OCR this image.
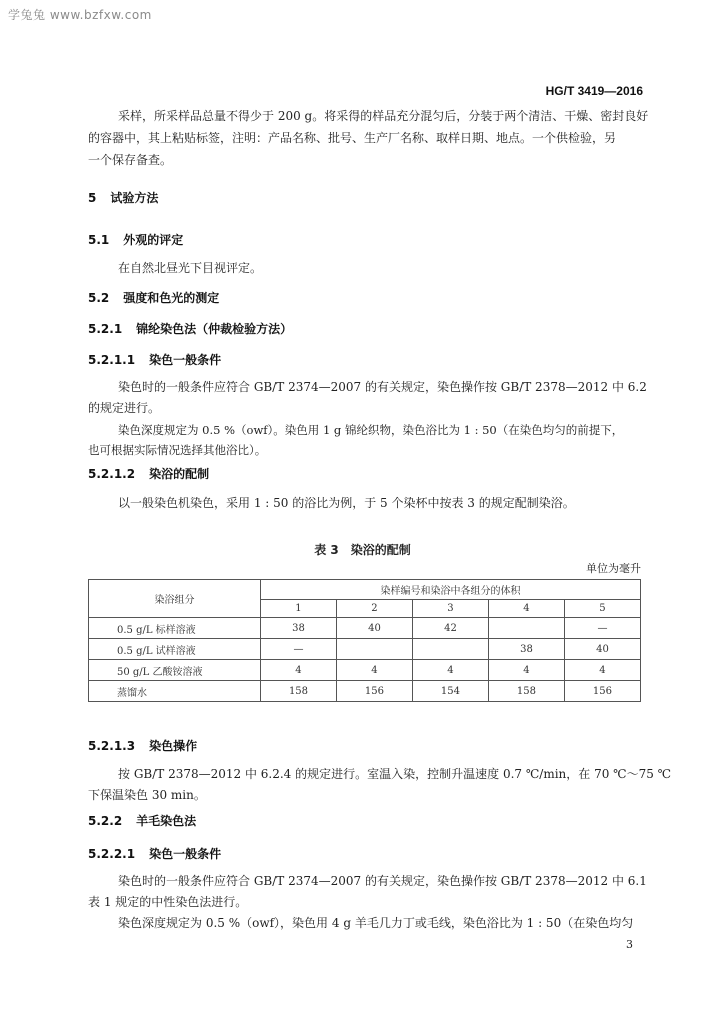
学兔兔 www.bzfxw.com
HG/T 3419—2016
采样，所采样品总量不得少于 200 g。将采得的样品充分混匀后，分装于两个清洁、干燥、密封良好
的容器中，其上粘贴标签，注明：产品名称、批号、生产厂名称、取样日期、地点。一个供检验，另
一个保存备查。
5 试验方法
5.1 外观的评定
在自然北昼光下目视评定。
5.2 强度和色光的测定
5.2.1 锦纶染色法（仲裁检验方法）
5.2.1.1 染色一般条件
染色时的一般条件应符合 GB/T 2374—2007 的有关规定，染色操作按 GB/T 2378—2012 中 6.2
的规定进行。
染色深度规定为 0.5 %（owf）。染色用 1 g 锦纶织物，染色浴比为 1 : 50（在染色均匀的前提下，
也可根据实际情况选择其他浴比）。
5.2.1.2 染浴的配制
以一般染色机染色，采用 1 : 50 的浴比为例，于 5 个染杯中按表 3 的规定配制染浴。
表 3　染浴的配制
单位为毫升
染浴组分	染样编号和染浴中各组分的体积				
	1	2	3	4	5
0.5 g/L 标样溶液	38	40	42		—
0.5 g/L 试样溶液	—			38	40
50 g/L 乙酸铵溶液	4	4	4	4	4
蒸馏水	158	156	154	158	156
5.2.1.3 染色操作
按 GB/T 2378—2012 中 6.2.4 的规定进行。室温入染，控制升温速度 0.7 ℃/min，在 70 ℃～75 ℃
下保温染色 30 min。
5.2.2 羊毛染色法
5.2.2.1 染色一般条件
染色时的一般条件应符合 GB/T 2374—2007 的有关规定，染色操作按 GB/T 2378—2012 中 6.1
表 1 规定的中性染色法进行。
染色深度规定为 0.5 %（owf），染色用 4 g 羊毛几力丁或毛线，染色浴比为 1 : 50（在染色均匀
3
